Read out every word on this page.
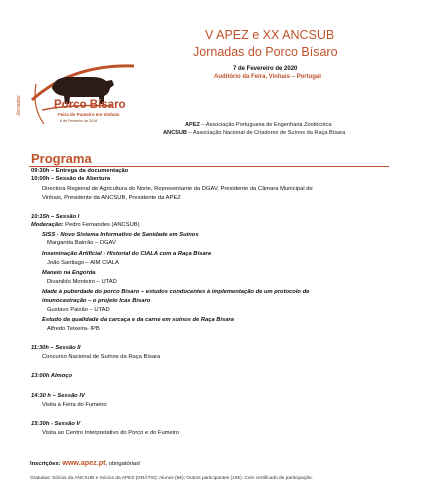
Jornadas	Porco Bísaro
Feira do Fumeiro em Vinhais
8 de Fevereiro de 2018
V APEZ e XX ANCSUB
Jornadas do Porco Bísaro
7 de Fevereiro de 2020
Auditório da Feira, Vinhais – Portugal
APEZ – Associação Portuguesa de Engenharia Zootécnica
ANCSUB – Associação Nacional de Criadores de Suínos da Raça Bísara
Programa
09:30h – Entrega da documentação
10:00h – Sessão de Abertura
Directora Regional de Agricultura do Norte, Representante da DGAV, Presidente da Câmara Municipal de
Vinhais, Presidente da ANCSUB, Presidente da APEZ
10:15h – Sessão I
Moderação: Pedro Fernandes (ANCSUB)
SISS - Novo Sistema Informativo de Sanidade em Suínos
Margarida Bairrão – DGAV
Inseminação Artificial - Historial do CIALA com a Raça Bísara
João Santiago – AIM CIALA
Maneio na Engorda
Divanildo Monteiro – UTAD
Idade à puberdade do porco Bísaro – estudos conducentes à implementação de um protocolo de
imunocastração – o projeto Icas Bísaro
Gustavo Paixão – UTAD
Estudo da qualidade da carcaça e da carne em suínos de Raça Bísara
Alfredo Teixeira- IPB
11:30h – Sessão II
Concurso Nacional de Suínos da Raça Bísara
13:00h Almoço
14:30 h – Sessão IV
Visita à Feira do Fumeiro
15:30h - Sessão V
Visita ao Centro Interpretativo do Porco e do Fumeiro
Inscrições: www.apez.pt, obrigatórias!
Gratuitas: Sócios da ANCSUB e Sócios da APEZ (GRÁTIS); Alunos (5€); Outros participantes (10€). Com certificado de participação.
